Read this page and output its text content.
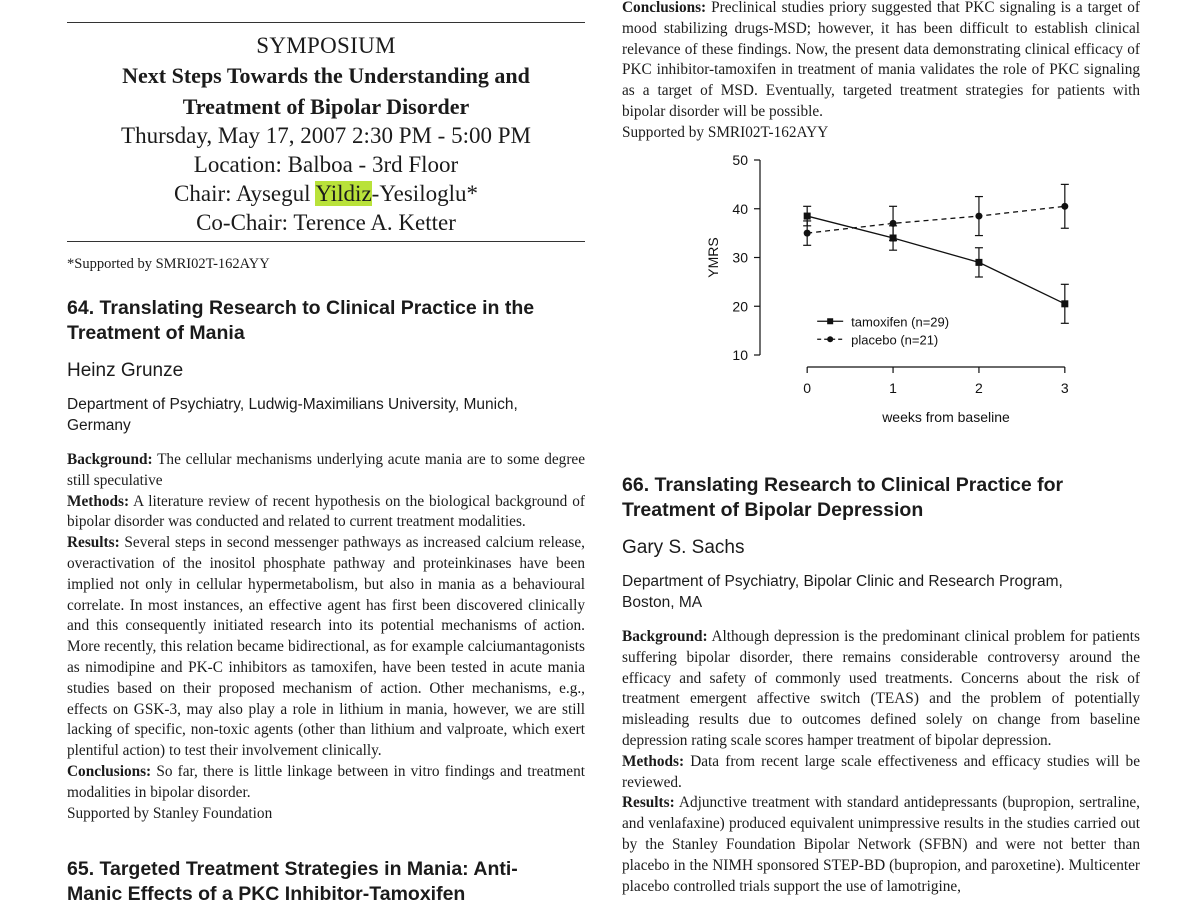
SYMPOSIUM
Next Steps Towards the Understanding and
Treatment of Bipolar Disorder
Thursday, May 17, 2007 2:30 PM - 5:00 PM
Location: Balboa - 3rd Floor
Chair: Aysegul Yildiz-Yesiloglu*
Co-Chair: Terence A. Ketter
*Supported by SMRI02T-162AYY
64. Translating Research to Clinical Practice in the Treatment of Mania
Heinz Grunze
Department of Psychiatry, Ludwig-Maximilians University, Munich, Germany

Background: The cellular mechanisms underlying acute mania are to some degree still speculative

Methods: A literature review of recent hypothesis on the biological background of bipolar disorder was conducted and related to current treatment modalities.

Results: Several steps in second messenger pathways as increased calcium release, overactivation of the inositol phosphate pathway and proteinkinases have been implied not only in cellular hypermetabolism, but also in mania as a behavioural correlate. In most instances, an effective agent has first been discovered clinically and this consequently initiated research into its potential mechanisms of action. More recently, this relation became bidirectional, as for example calciumantagonists as nimodipine and PK-C inhibitors as tamoxifen, have been tested in acute mania studies based on their proposed mechanism of action. Other mechanisms, e.g., effects on GSK-3, may also play a role in lithium in mania, however, we are still lacking of specific, non-toxic agents (other than lithium and valproate, which exert plentiful action) to test their involvement clinically.

Conclusions: So far, there is little linkage between in vitro findings and treatment modalities in bipolar disorder.

Supported by Stanley Foundation

65. Targeted Treatment Strategies in Mania: Anti-Manic Effects of a PKC Inhibitor-Tamoxifen

Conclusions: Preclinical studies priory suggested that PKC signaling is a target of mood stabilizing drugs-MSD; however, it has been difficult to establish clinical relevance of these findings. Now, the present data demonstrating clinical efficacy of PKC inhibitor-tamoxifen in treatment of mania validates the role of PKC signaling as a target of MSD. Eventually, targeted treatment strategies for patients with bipolar disorder will be possible.

Supported by SMRI02T-162AYY

10
20
30
40
50
0	1	2	3
YMRS
weeks from baseline
tamoxifen (n=29)
placebo (n=21)
66. Translating Research to Clinical Practice for Treatment of Bipolar Depression
Gary S. Sachs
Department of Psychiatry, Bipolar Clinic and Research Program, Boston, MA

Background: Although depression is the predominant clinical problem for patients suffering bipolar disorder, there remains considerable controversy around the efficacy and safety of commonly used treatments. Concerns about the risk of treatment emergent affective switch (TEAS) and the problem of potentially misleading results due to outcomes defined solely on change from baseline depression rating scale scores hamper treatment of bipolar depression.

Methods: Data from recent large scale effectiveness and efficacy studies will be reviewed.

Results: Adjunctive treatment with standard antidepressants (bupropion, sertraline, and venlafaxine) produced equivalent unimpressive results in the studies carried out by the Stanley Foundation Bipolar Network (SFBN) and were not better than placebo in the NIMH sponsored STEP-BD (bupropion, and paroxetine). Multicenter placebo controlled trials support the use of lamotrigine,
